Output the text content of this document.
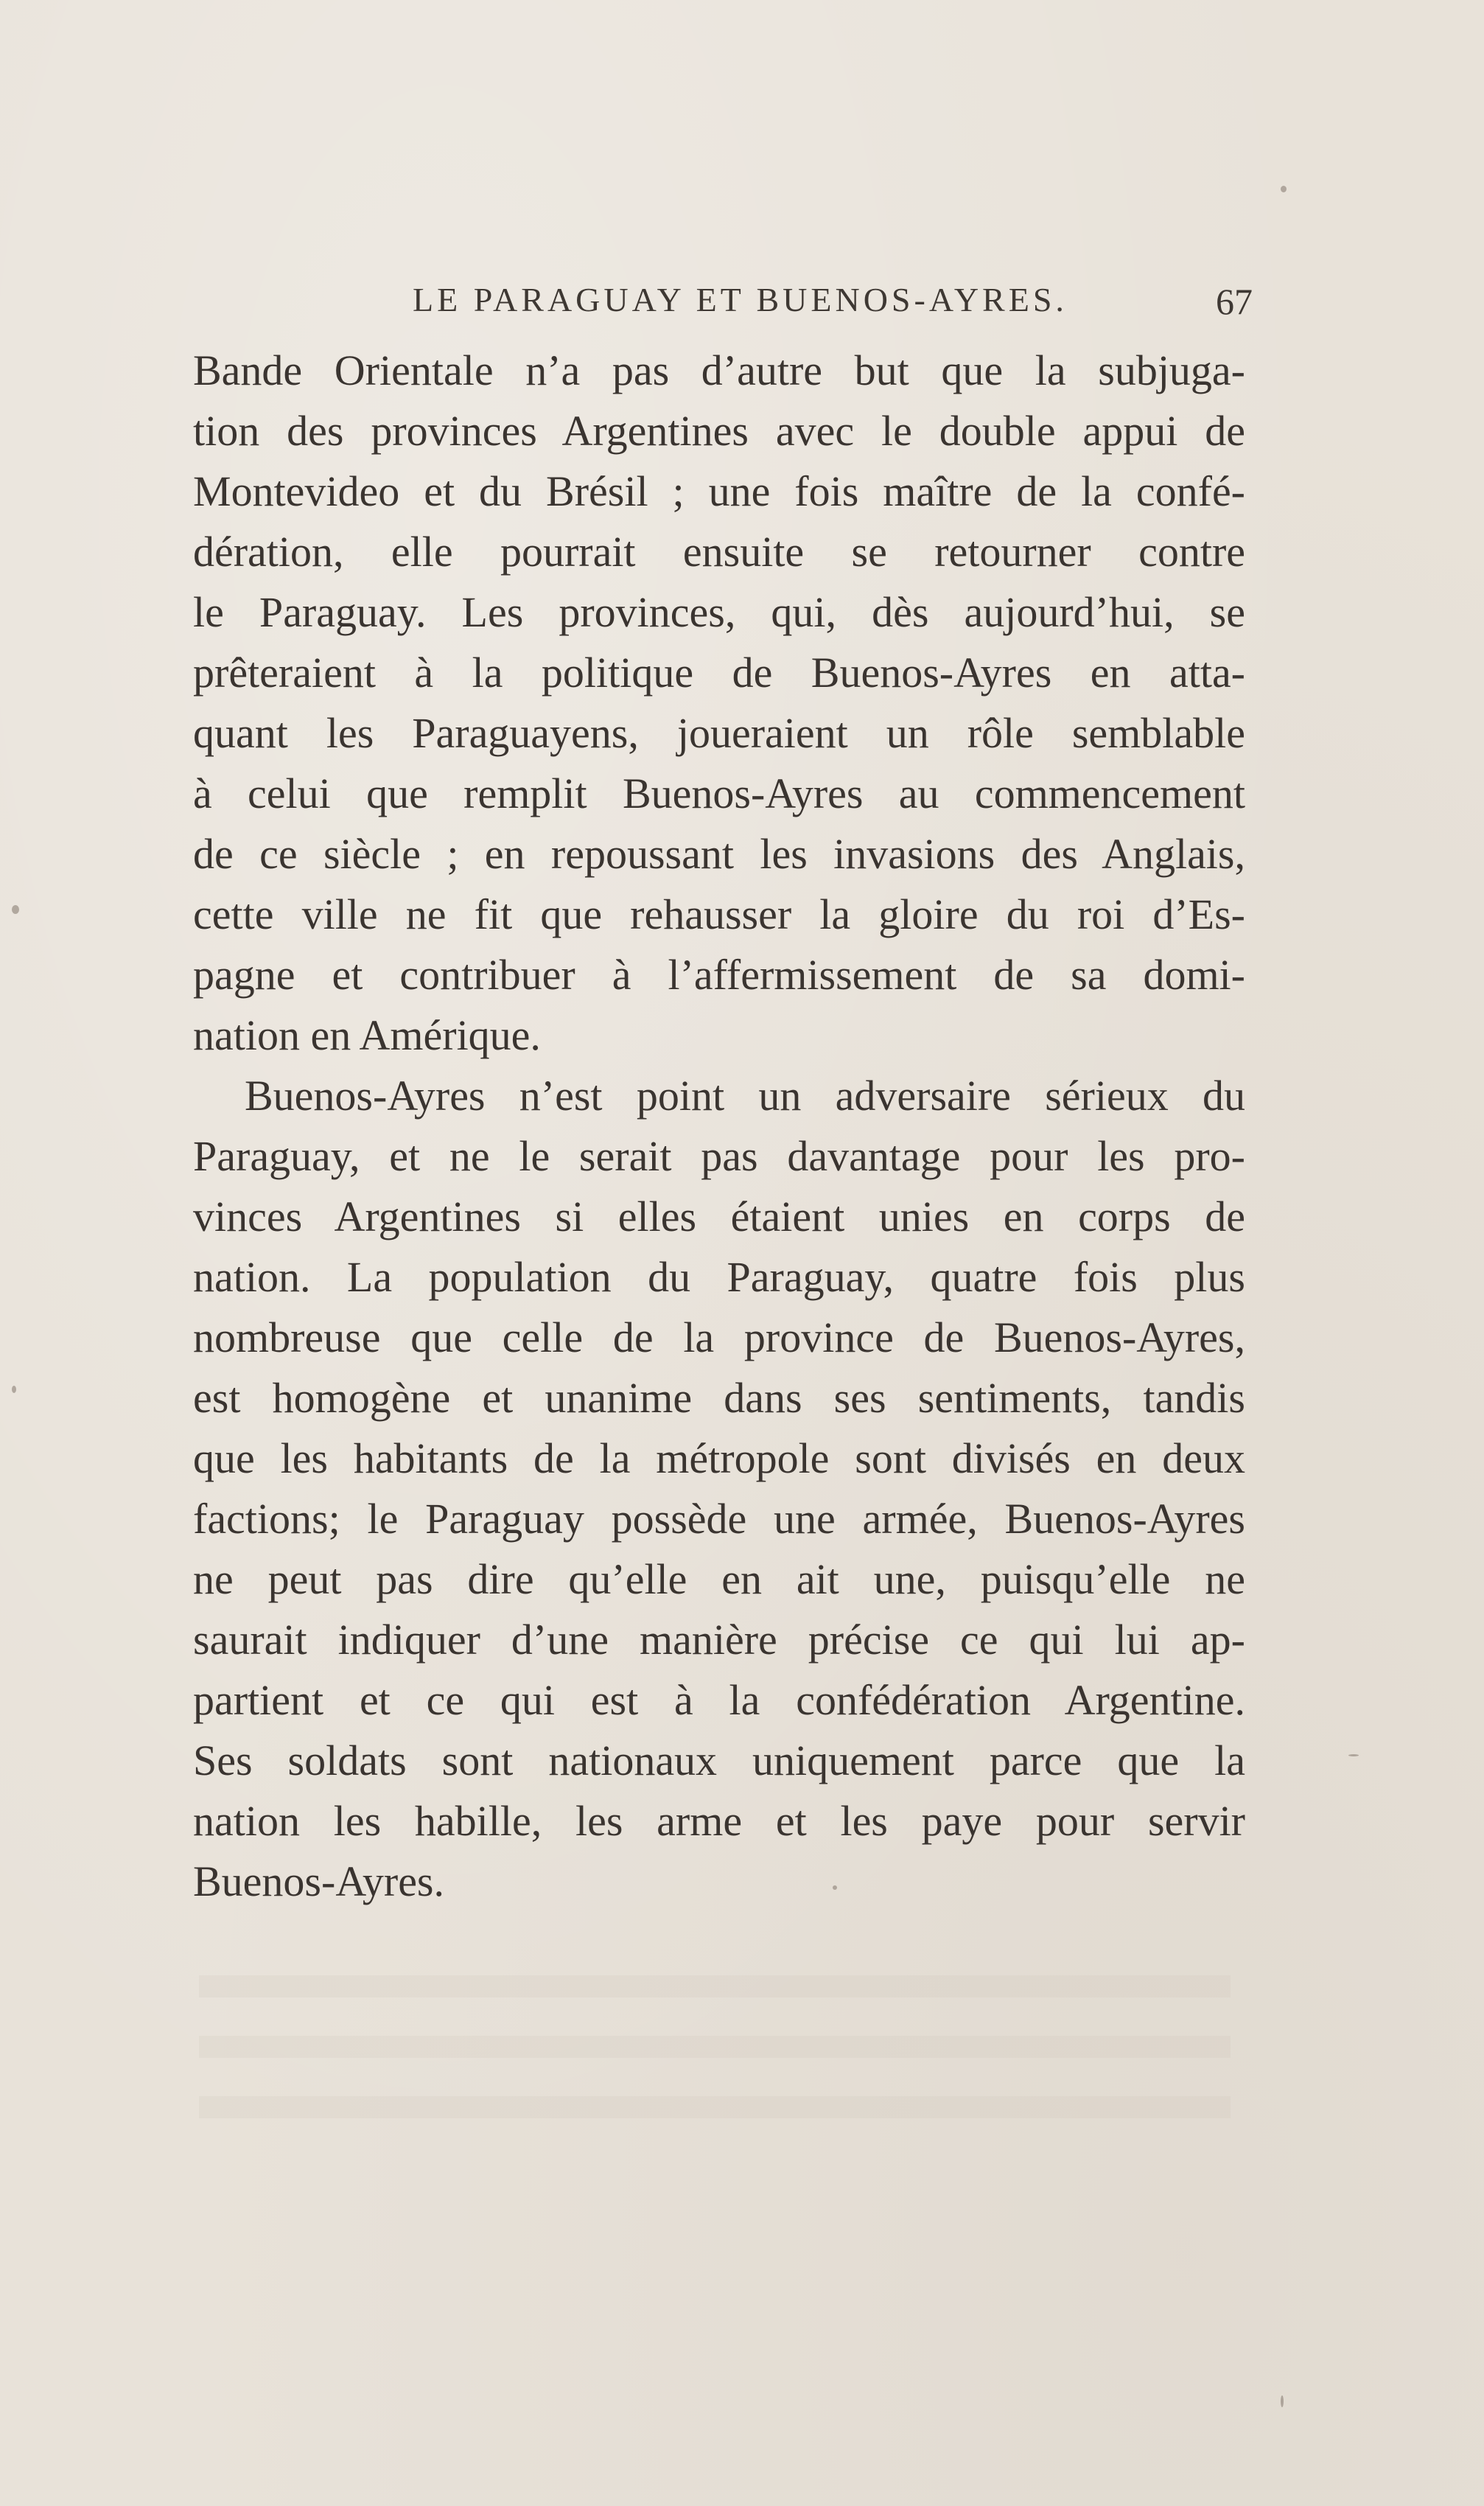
LE PARAGUAY ET BUENOS-AYRES.	67
Bande Orientale n’a pas d’autre but que la subjuga-
tion des provinces Argentines avec le double appui de
Montevideo et du Brésil ; une fois maître de la confé-
dération, elle pourrait ensuite se retourner contre
le Paraguay. Les provinces, qui, dès aujourd’hui, se
prêteraient à la politique de Buenos-Ayres en atta-
quant les Paraguayens, joueraient un rôle semblable
à celui que remplit Buenos-Ayres au commencement
de ce siècle ; en repoussant les invasions des Anglais,
cette ville ne fit que rehausser la gloire du roi d’Es-
pagne et contribuer à l’affermissement de sa domi-
nation en Amérique.
Buenos-Ayres n’est point un adversaire sérieux du
Paraguay, et ne le serait pas davantage pour les pro-
vinces Argentines si elles étaient unies en corps de
nation. La population du Paraguay, quatre fois plus
nombreuse que celle de la province de Buenos-Ayres,
est homogène et unanime dans ses sentiments, tandis
que les habitants de la métropole sont divisés en deux
factions; le Paraguay possède une armée, Buenos-Ayres
ne peut pas dire qu’elle en ait une, puisqu’elle ne
saurait indiquer d’une manière précise ce qui lui ap-
partient et ce qui est à la confédération Argentine.
Ses soldats sont nationaux uniquement parce que la
nation les habille, les arme et les paye pour servir
Buenos-Ayres.
